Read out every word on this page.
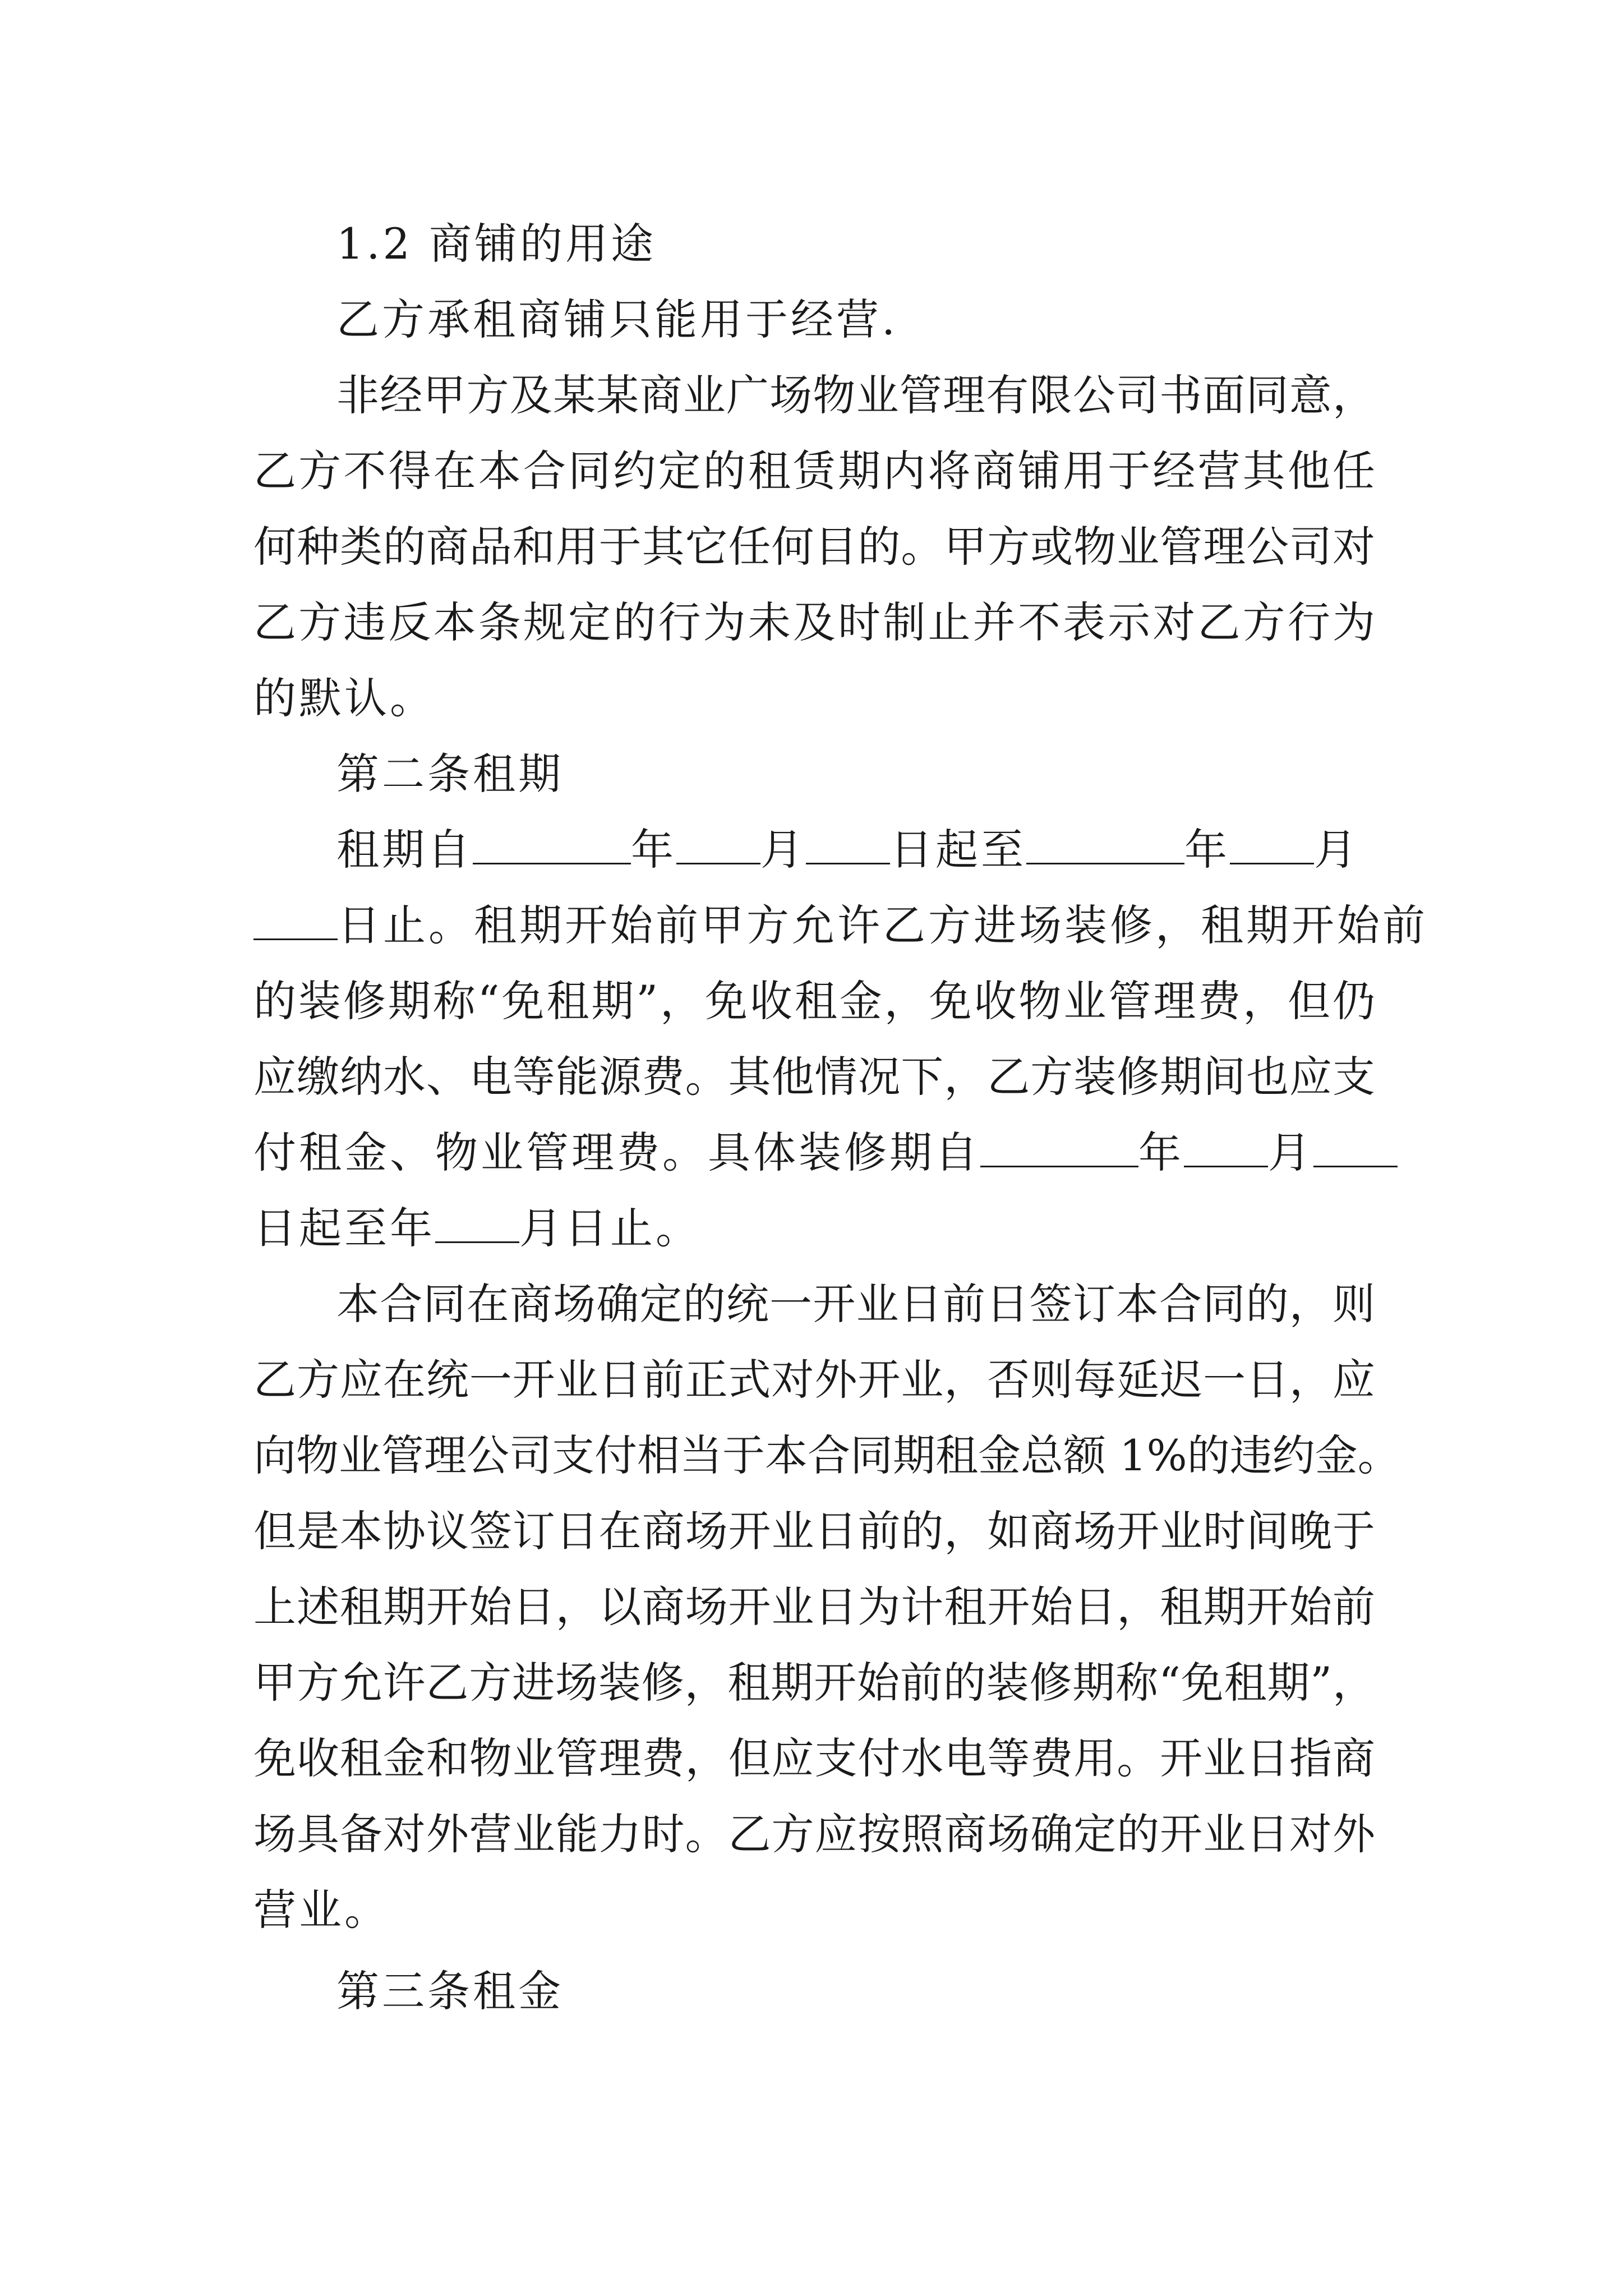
1.2 商铺的用途
乙方承租商铺只能用于经营.
非经甲方及某某商业广场物业管理有限公司书面同意，
乙方不得在本合同约定的租赁期内将商铺用于经营其他任
何种类的商品和用于其它任何目的。甲方或物业管理公司对
乙方违反本条规定的行为未及时制止并不表示对乙方行为
的默认。
第二条租期
租期自	年 月 日起至	年 月
日止。租期开始前甲方允许乙方进场装修，租期开始前
的装修期称“免租期”，免收租金，免收物业管理费，但仍
应缴纳水、电等能源费。其他情况下，乙方装修期间也应支
付租金、物业管理费。具体装修期自	年 月
日起至年 月日止。
本合同在商场确定的统一开业日前日签订本合同的，则
乙方应在统一开业日前正式对外开业，否则每延迟一日，应
向物业管理公司支付相当于本合同期租金总额 1%的违约金。
但是本协议签订日在商场开业日前的，如商场开业时间晚于
上述租期开始日，以商场开业日为计租开始日，租期开始前
甲方允许乙方进场装修，租期开始前的装修期称“免租期”，
免收租金和物业管理费，但应支付水电等费用。开业日指商
场具备对外营业能力时。乙方应按照商场确定的开业日对外
营业。
第三条租金
